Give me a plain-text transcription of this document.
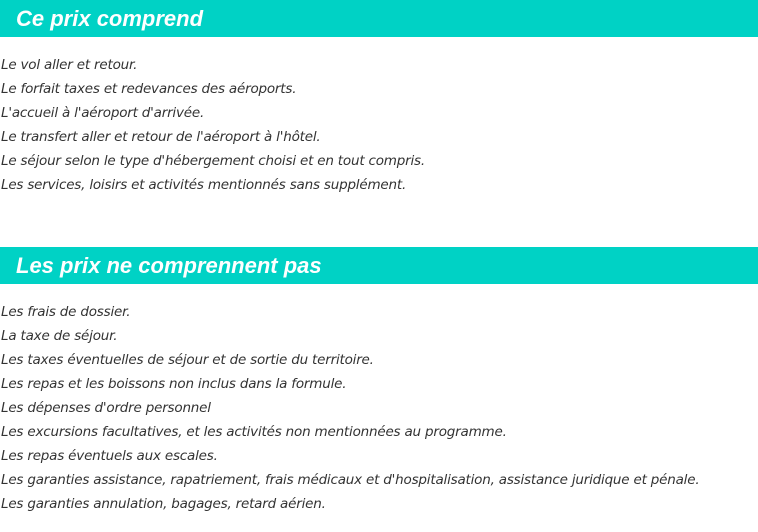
Ce prix comprend
Le vol aller et retour.
Le forfait taxes et redevances des aéroports.
L'accueil à l'aéroport d'arrivée.
Le transfert aller et retour de l'aéroport à l'hôtel.
Le séjour selon le type d'hébergement choisi et en tout compris.
Les services, loisirs et activités mentionnés sans supplément.
Les prix ne comprennent pas
Les frais de dossier.
La taxe de séjour.
Les taxes éventuelles de séjour et de sortie du territoire.
Les repas et les boissons non inclus dans la formule.
Les dépenses d'ordre personnel
Les excursions facultatives, et les activités non mentionnées au programme.
Les repas éventuels aux escales.
Les garanties assistance, rapatriement, frais médicaux et d'hospitalisation, assistance juridique et pénale.
Les garanties annulation, bagages, retard aérien.
